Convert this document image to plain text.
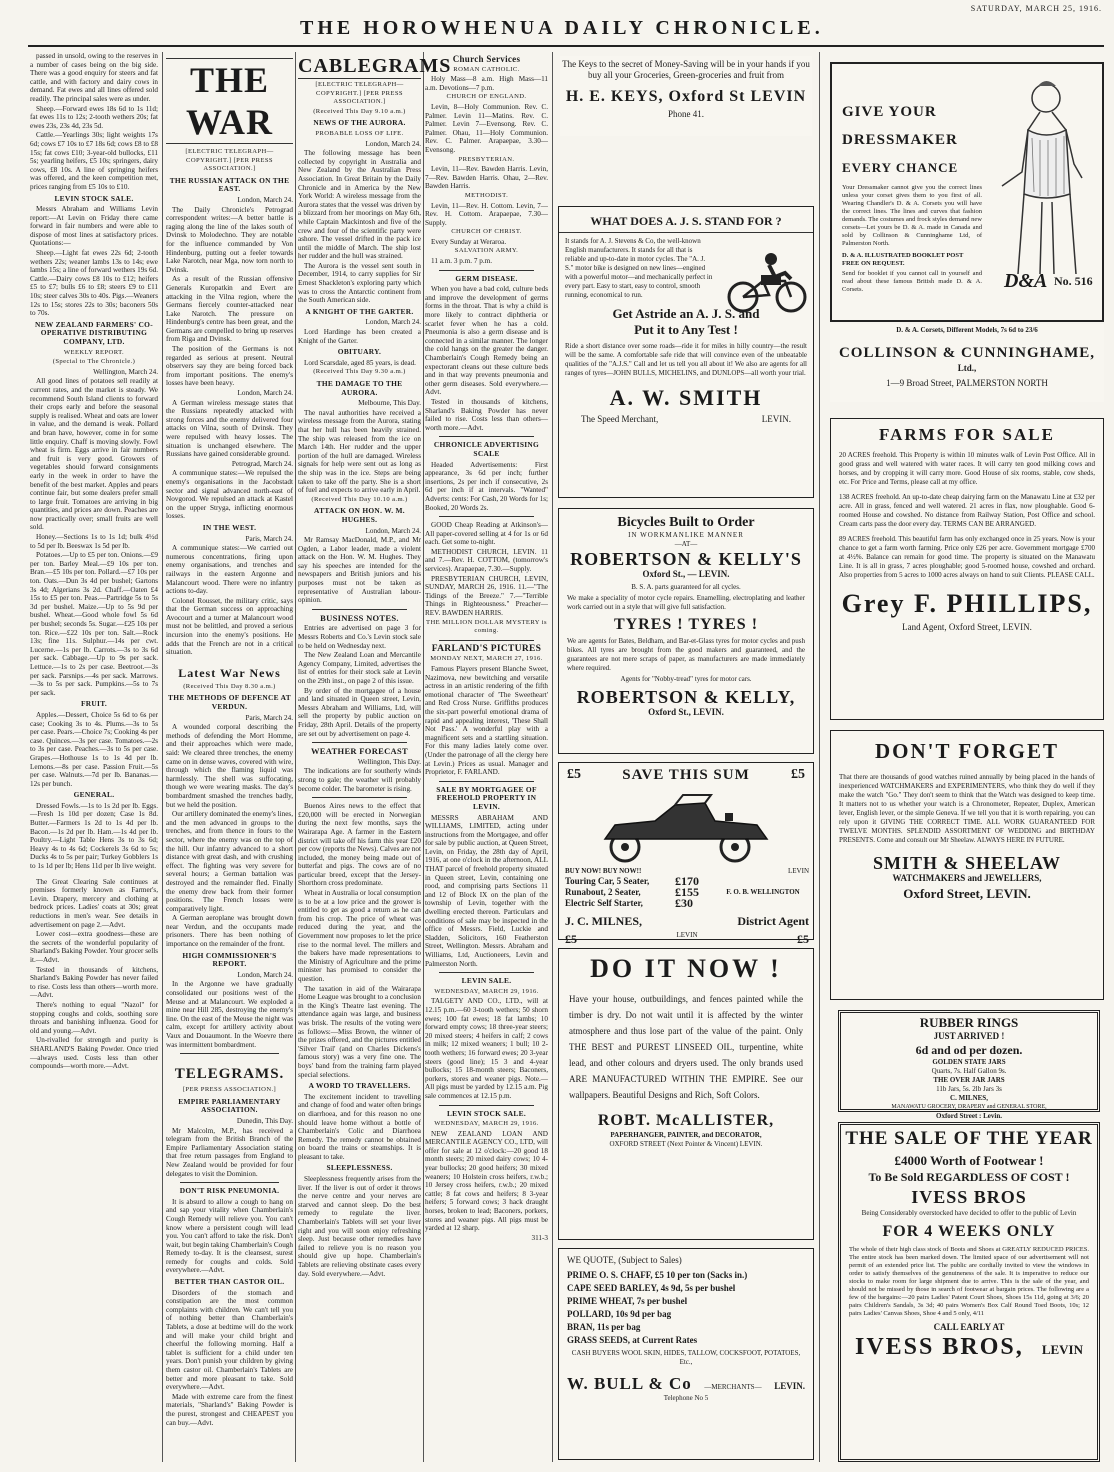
THE HOROWHENUA DAILY CHRONICLE.
SATURDAY, MARCH 25, 1916.

passed in unsold, owing to the reserves in a number of cases being on the big side. There was a good enquiry for steers and fat cattle, and with factory and dairy cows in demand. Fat ewes and all lines offered sold readily. The principal sales were as under.

Sheep.—Forward ewes 18s 6d to 1s 11d; fat ewes 11s to 12s; 2-tooth wethers 20s; fat ewes 23s, 23s 4d, 23s 5d.

Cattle.—Yearlings 30s; light weights 17s 6d; cows £7 10s to £7 18s 6d; cows £8 to £8 15s; fat cows £10; 3-year-old bullocks, £11 5s; yearling heifers, £5 10s; springers, dairy cows, £8 10s. A line of springing heifers was offered, and the keen competition met, prices ranging from £5 10s to £10.

LEVIN STOCK SALE.

Messrs Abraham and Williams Levin report:—At Levin on Friday there came forward in fair numbers and were able to dispose of most lines at satisfactory prices. Quotations:—

Sheep.—Light fat ewes 22s 6d; 2-tooth wethers 22s; weaner lambs 13s to 14s; ewe lambs 15s; a line of forward wethers 19s 6d. Cattle.—Dairy cows £8 10s to £12; heifers £5 to £7; bulls £6 to £8; steers £9 to £11 10s; steer calves 30s to 40s. Pigs.—Weaners 12s to 15s; stores 22s to 30s; baconers 50s to 70s.

NEW ZEALAND FARMERS' CO-OPERATIVE DISTRIBUTING COMPANY, LTD.

WEEKLY REPORT.

(Special to The Chronicle.)

Wellington, March 24.

All good lines of potatoes sell readily at current rates, and the market is steady. We recommend South Island clients to forward their crops early and before the seasonal supply is realised. Wheat and oats are lower in value, and the demand is weak. Pollard and bran have, however, come in for some little enquiry. Chaff is moving slowly. Fowl wheat is firm. Eggs arrive in fair numbers and fruit is very good. Growers of vegetables should forward consignments early in the week in order to have the benefit of the best market. Apples and pears continue fair, but some dealers prefer small to large fruit. Tomatoes are arriving in big quantities, and prices are down. Peaches are now practically over; small fruits are well sold.

Honey.—Sections 1s to 1s 1d; bulk 4½d to 5d per lb. Beeswax 1s 5d per lb.

Potatoes.—Up to £5 per ton. Onions.—£9 per ton. Barley Meal.—£9 10s per ton. Bran.—£5 10s per ton. Pollard.—£7 10s per ton. Oats.—Dun 3s 4d per bushel; Gartons 3s 4d; Algerians 3s 2d. Chaff.—Oaten £4 15s to £5 per ton. Peas.—Partridge 5s to 5s 3d per bushel. Maize.—Up to 5s 9d per bushel. Wheat.—Good whole fowl 5s 6d per bushel; seconds 5s. Sugar.—£25 10s per ton. Rice.—£22 10s per ton. Salt.—Rock 13s; fine 11s. Sulphur.—14s per cwt. Lucerne.—1s per lb. Carrots.—3s to 3s 6d per sack. Cabbage.—Up to 9s per sack. Lettuce.—1s to 2s per case. Beetroot.—3s per sack. Parsnips.—4s per sack. Marrows.—3s to 5s per sack. Pumpkins.—5s to 7s per sack.

FRUIT.

Apples.—Dessert, Choice 5s 6d to 6s per case; Cooking 3s to 4s. Plums.—3s to 5s per case. Pears.—Choice 7s; Cooking 4s per case. Quinces.—3s per case. Tomatoes.—2s to 3s per case. Peaches.—3s to 5s per case. Grapes.—Hothouse 1s to 1s 4d per lb. Lemons.—8s per case. Passion Fruit.—5s per case. Walnuts.—7d per lb. Bananas.—12s per bunch.

GENERAL.

Dressed Fowls.—1s to 1s 2d per lb. Eggs.—Fresh 1s 10d per dozen; Case 1s 8d. Butter.—Farmers 1s 2d to 1s 4d per lb. Bacon.—1s 2d per lb. Ham.—1s 4d per lb. Poultry.—Light Table Hens 3s to 3s 6d; Heavy 4s to 4s 6d; Cockerels 3s 6d to 5s; Ducks 4s to 5s per pair; Turkey Gobblers 1s to 1s 1d per lb; Hens 11d per lb live weight.

The Great Clearing Sale continues at premises formerly known as Farmer's, Levin. Drapery, mercery and clothing at bedrock prices. Ladies' coats at 30s; great reductions in men's wear. See details in advertisement on page 2.—Advt.

Lower cost—extra goodness—these are the secrets of the wonderful popularity of Sharland's Baking Powder. Your grocer sells it.—Advt.

Tested in thousands of kitchens, Sharland's Baking Powder has never failed to rise. Costs less than others—worth more.—Advt.

There's nothing to equal "Nazol" for stopping coughs and colds, soothing sore throats and banishing influenza. Good for old and young.—Advt.

Un-rivalled for strength and purity is SHARLAND'S Baking Powder. Once tried—always used. Costs less than other compounds—worth more.—Advt.

THE WAR

[ELECTRIC TELEGRAPH—COPYRIGHT.] [PER PRESS ASSOCIATION.]

THE RUSSIAN ATTACK ON THE EAST.

London, March 24.

The Daily Chronicle's Petrograd correspondent writes:—A better battle is raging along the line of the lakes south of Dvinsk to Molodechno. They are notable for the influence commanded by Von Hindenburg, putting out a feeler towards Lake Narotch, near Mga, now torn north to Dvinsk.

As a result of the Russian offensive Generals Kuropatkin and Evert are attacking in the Vilna region, where the Germans fiercely counter-attacked near Lake Narotch. The pressure on Hindenburg's centre has been great, and the Germans are compelled to bring up reserves from Riga and Dvinsk.

The position of the Germans is not regarded as serious at present. Neutral observers say they are being forced back from important positions. The enemy's losses have been heavy.

London, March 24.

A German wireless message states that the Russians repeatedly attacked with strong forces and the enemy delivered four attacks on Vilna, south of Dvinsk. They were repulsed with heavy losses. The situation is unchanged elsewhere. The Russians have gained considerable ground.

Petrograd, March 24.

A communique states:—We repulsed the enemy's organisations in the Jacobstadt sector and signal advanced north-east of Novgorod. We repulsed an attack at Kastel on the upper Stryga, inflicting enormous losses.

IN THE WEST.

Paris, March 24.

A communique states:—We carried out numerous concentrations, firing upon enemy organisations, and trenches and railways in the eastern Argonne and Malancourt wood. There were no infantry actions to-day.

Colonel Rousset, the military critic, says that the German success on approaching Avocourt and a turner at Malancourt wood must not be belittled, and proved a serious incursion into the enemy's positions. He adds that the French are not in a critical situation.

Latest War News

(Received This Day 8.30 a.m.)

THE METHODS OF DEFENCE AT VERDUN.

Paris, March 24.

A wounded corporal describing the methods of defending the Mort Homme, and their approaches which were made, said: We cleared three trenches, the enemy came on in dense waves, covered with wire, through which the flaming liquid was harmlessly. The shell was suffocating, though we were wearing masks. The day's bombardment smashed the trenches badly, but we held the position.

Our artillery dominated the enemy's lines, and the men advanced in groups to the trenches, and from thence in fours to the sector, where the enemy was on the top of the hill. Our infantry advanced to a short distance with great dash, and with crushing effect. The fighting was very severe for several hours; a German battalion was destroyed and the remainder fled. Finally the enemy drew back from their former positions. The French losses were comparatively light.

A German aeroplane was brought down near Verdun, and the occupants made prisoners. There has been nothing of importance on the remainder of the front.

HIGH COMMISSIONER'S REPORT.

London, March 24.

In the Argonne we have gradually consolidated our positions west of the Meuse and at Malancourt. We exploded a mine near Hill 285, destroying the enemy's line. On the east of the Meuse the night was calm, except for artillery activity about Vaux and Douaumont. In the Woevre there was intermittent bombardment.

TELEGRAMS.

[PER PRESS ASSOCIATION.]

EMPIRE PARLIAMENTARY ASSOCIATION.

Dunedin, This Day.

Mr Malcolm, M.P., has received a telegram from the British Branch of the Empire Parliamentary Association stating that free return passages from England to New Zealand would be provided for four delegates to visit the Dominion.

DON'T RISK PNEUMONIA.

It is absurd to allow a cough to hang on and sap your vitality when Chamberlain's Cough Remedy will relieve you. You can't know where a persistent cough will lead you. You can't afford to take the risk. Don't wait, but begin taking Chamberlain's Cough Remedy to-day. It is the cleansest, surest remedy for coughs and colds. Sold everywhere.—Advt.

BETTER THAN CASTOR OIL.

Disorders of the stomach and constipation are the most common complaints with children. We can't tell you of nothing better than Chamberlain's Tablets, a dose at bedtime will do the work and will make your child bright and cheerful the following morning. Half a tablet is sufficient for a child under ten years. Don't punish your children by giving them castor oil. Chamberlain's Tablets are better and more pleasant to take. Sold everywhere.—Advt.

Made with extreme care from the finest materials, "Sharland's" Baking Powder is the purest, strongest and CHEAPEST you can buy.—Advt.

CABLEGRAMS

[ELECTRIC TELEGRAPH—COPYRIGHT.] [PER PRESS ASSOCIATION.]

(Received This Day 9.10 a.m.)

NEWS OF THE AURORA.

PROBABLE LOSS OF LIFE.

London, March 24.

The following message has been collected by copyright in Australia and New Zealand by the Australian Press Association. In Great Britain by the Daily Chronicle and in America by the New York World: A wireless message from the Aurora states that the vessel was driven by a blizzard from her moorings on May 6th, while Captain Mackintosh and five of the crew and four of the scientific party were ashore. The vessel drifted in the pack ice until the middle of March. The ship lost her rudder and the hull was strained.

The Aurora is the vessel sent south in December, 1914, to carry supplies for Sir Ernest Shackleton's exploring party which was to cross the Antarctic continent from the South American side.

A KNIGHT OF THE GARTER.

London, March 24.

Lord Hardinge has been created a Knight of the Garter.

OBITUARY.

Lord Scarsdale, aged 85 years, is dead.

(Received This Day 9.30 a.m.)

THE DAMAGE TO THE AURORA.

Melbourne, This Day.

The naval authorities have received a wireless message from the Aurora, stating that her hull has been heavily strained. The ship was released from the ice on March 14th. Her rudder and the upper portion of the hull are damaged. Wireless signals for help were sent out as long as the ship was in the ice. Steps are being taken to take off the party. She is a short of fuel and expects to arrive early in April.

(Received This Day 10.10 a.m.)

ATTACK ON HON. W. M. HUGHES.

London, March 24.

Mr Ramsay MacDonald, M.P., and Mr Ogden, a Labor leader, made a violent attack on the Hon. W. M. Hughes. They say his speeches are intended for the newspapers and British juniors and his purposes must not be taken as representative of Australian labour-opinion.

BUSINESS NOTES.

Entries are advertised on page 3 for Messrs Roberts and Co.'s Levin stock sale to be held on Wednesday next.

The New Zealand Loan and Mercantile Agency Company, Limited, advertises the list of entries for their stock sale at Levin on the 29th inst., on page 2 of this issue.

By order of the mortgagee of a house and land situated in Queen street, Levin, Messrs Abraham and Williams, Ltd, will sell the property by public auction on Friday, 28th April. Details of the property are set out by advertisement on page 4.

WEATHER FORECAST

Wellington, This Day.

The indications are for southerly winds strong to gale; the weather will probably become colder. The barometer is rising.

Buenos Aires news to the effect that £20,000 will be erected in Norwegian during the next few months, says the Wairarapa Age. A farmer in the Eastern district will take off his farm this year £20 per cow (reports the News). Calves are not included, the money being made out of butterfat and pigs. The cows are of no particular breed, except that the Jersey-Shorthorn cross predominate.

Wheat in Australia or local consumption is to be at a low price and the grower is entitled to get as good a return as he can from his crop. The price of wheat was reduced during the year, and the Government now proposes to let the price rise to the normal level. The millers and the bakers have made representations to the Ministry of Agriculture and the prime minister has promised to consider the question.

The taxation in aid of the Wairarapa Home League was brought to a conclusion in the King's Theatre last evening. The attendance again was large, and business was brisk. The results of the voting were as follows:—Miss Brown, the winner of the prizes offered, and the pictures entitled 'Silver Trail' (and on Charles Dickens's famous story) was a very fine one. The boys' band from the training farm played special selections.

A WORD TO TRAVELLERS.

The excitement incident to travelling and change of food and water often brings on diarrhoea, and for this reason no one should leave home without a bottle of Chamberlain's Colic and Diarrhoea Remedy. The remedy cannot be obtained on board the trains or steamships. It is pleasant to take.

SLEEPLESSNESS.

Sleeplessness frequently arises from the liver. If the liver is out of order it throws the nerve centre and your nerves are starved and cannot sleep. Do the best remedy to regulate the liver. Chamberlain's Tablets will set your liver right and you will soon enjoy refreshing sleep. Just because other remedies have failed to relieve you is no reason you should give up hope. Chamberlain's Tablets are relieving obstinate cases every day. Sold everywhere.—Advt.

Church Services

ROMAN CATHOLIC.

Holy Mass—8 a.m. High Mass—11 a.m. Devotions—7 p.m.

CHURCH OF ENGLAND.

Levin, 8—Holy Communion. Rev. C. Palmer. Levin 11—Matins. Rev. C. Palmer. Levin 7—Evensong. Rev. C. Palmer. Ohau, 11—Holy Communion. Rev. C. Palmer. Arapaepae, 3.30—Evensong.

PRESBYTERIAN.

Levin, 11—Rev. Bawden Harris. Levin, 7—Rev. Bawden Harris. Ohau, 2—Rev. Bawden Harris.

METHODIST.

Levin, 11—Rev. H. Cottom. Levin, 7—Rev. H. Cottom. Arapaepae, 7.30—Supply.

CHURCH OF CHRIST.

Every Sunday at Weraroa.

SALVATION ARMY.

11 a.m. 3 p.m. 7 p.m.

GERM DISEASE.

When you have a bad cold, culture beds and improve the development of germs forms in the throat. That is why a child is more likely to contract diphtheria or scarlet fever when he has a cold. Pneumonia is also a germ disease and is connected in a similar manner. The longer the cold hangs on the greater the danger. Chamberlain's Cough Remedy being an expectorant cleans out these culture beds and in that way prevents pneumonia and other germ diseases. Sold everywhere.—Advt.

Tested in thousands of kitchens, Sharland's Baking Powder has never failed to rise. Costs less than others—worth more.—Advt.

CHRONICLE ADVERTISING SCALE

Headed Advertisements: First appearance, 3s 6d per inch; further insertions, 2s per inch if consecutive, 2s 6d per inch if at intervals. "Wanted" Adverts: cents: For Cash, 20 Words for 1s; Booked, 20 Words 2s.

GOOD Cheap Reading at Atkinson's—All paper-covered selling at 4 for 1s or 6d each. Get some to-night.

METHODIST CHURCH, LEVIN. 11 and 7.—Rev. H. COTTOM, (tomorrow's services). Arapaepae, 7.30.—Supply.

PRESBYTERIAN CHURCH, LEVIN, SUNDAY, MARCH 26, 1916. 11.—"The Tidings of the Breeze." 7.—"Terrible Things in Righteousness." Preacher—REV. BAWDEN HARRIS.

THE MILLION DOLLAR MYSTERY is coming.

FARLAND'S PICTURES

MONDAY NEXT, MARCH 27, 1916.

Famous Players present Blanche Sweet, Nazimova, new bewitching and versatile actress in an artistic rendering of the fifth emotional character of 'The Sweetheart' and Red Cross Nurse. Griffiths produces the six-part powerful emotional drama of rapid and appealing interest, 'These Shall Not Pass.' A wonderful play with a magnificent sets and a startling situation. For this many ladies lately come over. (Under the patronage of all the clergy here at Levin.) Prices as usual. Manager and Proprietor, F. FARLAND.

SALE BY MORTGAGEE OF FREEHOLD PROPERTY IN LEVIN.

MESSRS ABRAHAM AND WILLIAMS, LIMITED, acting under instructions from the Mortgagee, and offer for sale by public auction, at Queen Street, Levin, on Friday, the 28th day of April, 1916, at one o'clock in the afternoon, ALL THAT parcel of freehold property situated in Queen street, Levin, containing one rood, and comprising parts Sections 11 and 12 of Block IX on the plan of the township of Levin, together with the dwelling erected thereon. Particulars and conditions of sale may be inspected in the office of Messrs. Field, Luckie and Sladden, Solicitors, 160 Featherston Street, Wellington. Messrs. Abraham and Williams, Ltd, Auctioneers, Levin and Palmerston North.

LEVIN SALE.

WEDNESDAY, MARCH 29, 1916.

TALGETY AND CO., LTD., will at 12.15 p.m.—60 3-tooth wethers; 50 shorn ewes; 100 fat ewes; 18 fat lambs; 10 forward empty cows; 18 three-year steers; 20 mixed steers; 4 heifers in calf; 2 cows in milk; 12 mixed weaners; 1 bull; 10 2-tooth wethers; 16 forward ewes; 20 3-year steers (good line); 15 3 and 4-year bullocks; 15 18-month steers; Baconers, porkers, stores and weaner pigs. Note.—All pigs must be yarded by 12.15 a.m. Pig sale commences at 12.15 p.m.

LEVIN STOCK SALE.

WEDNESDAY, MARCH 29, 1916.

NEW ZEALAND LOAN AND MERCANTILE AGENCY CO., LTD, will offer for sale at 12 o'clock:—20 good 18 month steers; 20 mixed dairy cows; 10 4-year bullocks; 20 good heifers; 30 mixed weaners; 10 Holstein cross heifers, r.w.b.; 10 Jersey cross heifers, r.w.b.; 20 mixed cattle; 8 fat cows and heifers; 8 3-year heifers; 5 forward cows; 3 hack draught horses, broken to lead; Baconers, porkers, stores and weaner pigs. All pigs must be yarded at 12 sharp.

311-3

The Keys to the secret of Money-Saving will be in your hands if you buy all your Groceries, Green-groceries and fruit from
H. E. KEYS, Oxford St LEVIN
Phone 41.
WHAT DOES A. J. S. STAND FOR ?
It stands for A. J. Stevens & Co, the well-known English manufacturers. It stands for all that is reliable and up-to-date in motor cycles. The "A. J. S." motor bike is designed on new lines—engined with a powerful motor—and mechanically perfect in every part. Easy to start, easy to control, smooth running, economical to run.
Get Astride an A. J. S. and
Put it to Any Test !
Ride a short distance over some roads—ride it for miles in hilly country—the result will be the same. A comfortable safe ride that will convince even of the unbeatable qualities of the "A.J.S." Call and let us tell you all about it! We also are agents for all ranges of tyres—JOHN BULLS, MICHELINS, and DUNLOPS—all worth your trial.
A. W. SMITH
The Speed Merchant,	LEVIN.
Bicycles Built to Order
IN WORKMANLIKE MANNER
—AT—
ROBERTSON & KELLY'S
Oxford St., — LEVIN.
B. S. A. parts guaranteed for all cycles.
We make a speciality of motor cycle repairs. Enamelling, electroplating and leather work carried out in a style that will give full satisfaction.
TYRES ! TYRES !
We are agents for Bates, Beldham, and Bar-et-Glass tyres for motor cycles and push bikes. All tyres are brought from the good makers and guaranteed, and the guarantees are not mere scraps of paper, as manufacturers are made immediately where required.
Agents for "Nobby-tread" tyres for motor cars.
ROBERTSON & KELLY,
Oxford St., LEVIN.
£5	SAVE THIS SUM	£5
BUY NOW! BUY NOW!!	LEVIN
Touring Car, 5 Seater,
Runabout, 2 Seater,
Electric Self Starter,
£170
£155
£30
F. O. B. WELLINGTON
J. C. MILNES,	District Agent
£5	LEVIN	£5
DO IT NOW !
Have your house, outbuildings, and fences painted while the timber is dry. Do not wait until it is affected by the winter atmosphere and thus lose part of the value of the paint. Only THE BEST and PUREST LINSEED OIL, turpentine, white lead, and other colours and dryers used. The only brands used ARE MANUFACTURED WITHIN THE EMPIRE. See our wallpapers. Beautiful Designs and Rich, Soft Colors.
ROBT. McALLISTER,
PAPERHANGER, PAINTER, and DECORATOR,
OXFORD STREET (Next Pointer & Vincent) LEVIN.
WE QUOTE, (Subject to Sales)
PRIME O. S. CHAFF, £5 10 per ton (Sacks in.)
CAPE SEED BARLEY, 4s 9d, 5s per bushel
PRIME WHEAT, 7s per bushel
POLLARD, 10s 9d per bag
BRAN, 11s per bag
GRASS SEEDS, at Current Rates
CASH BUYERS WOOL SKIN, HIDES, TALLOW, COCKSFOOT, POTATOES, Etc.,
W. BULL & Co —MERCHANTS— LEVIN.
Telephone No 5
GIVE YOUR
DRESSMAKER
EVERY CHANCE
Your Dressmaker cannot give you the correct lines unless your corset gives them to you first of all. Wearing Chandler's D. & A. Corsets you will have the correct lines. The lines and curves that fashion demands. The costumes and frock styles demand new corsets—Let yours be D. & A. made in Canada and sold by Collinson & Cunninghame Ltd, of Palmerston North.
D. & A. ILLUSTRATED BOOKLET POST FREE ON REQUEST.
Send for booklet if you cannot call in yourself and read about these famous British made D. & A. Corsets.	D&A No. 516
D. & A. Corsets, Different Models, 7s 6d to 23/6
COLLINSON & CUNNINGHAME,
Ltd.,
1—9 Broad Street, PALMERSTON NORTH
FARMS FOR SALE
20 ACRES freehold. This Property is within 10 minutes walk of Levin Post Office. All in good grass and well watered with water races. It will carry ten good milking cows and horses, and by cropping it will carry more. Good House of six rooms, stable, cow sheds, etc. For Price and Terms, please call at my office.
138 ACRES freehold. An up-to-date cheap dairying farm on the Manawatu Line at £32 per acre. All in grass, fenced and well watered. 21 acres in flax, now ploughable. Good 6-roomed House and cowshed. No distance from Railway Station, Post Office and school. Cream carts pass the door every day. TERMS CAN BE ARRANGED.
89 ACRES freehold. This beautiful farm has only exchanged once in 25 years. Now is your chance to get a farm worth farming. Price only £26 per acre. Government mortgage £700 at 4½%. Balance can remain for good time. The property is situated on the Manawatu Line. It is all in grass, 7 acres ploughable; good 5-roomed house, cowshed and orchard. Also properties from 5 acres to 1000 acres always on hand to suit Clients. PLEASE CALL.
Grey F. PHILLIPS,
Land Agent, Oxford Street, LEVIN.
DON'T FORGET
That there are thousands of good watches ruined annually by being placed in the hands of inexperienced WATCHMAKERS and EXPERIMENTERS, who think they do well if they make the watch "Go." They don't seem to think that the Watch was designed to keep time. It matters not to us whether your watch is a Chronometer, Repeater, Duplex, American lever, English lever, or the simple Geneva. If we tell you that it is worth repairing, you can rely upon it GIVING THE CORRECT TIME. ALL WORK GUARANTEED FOR TWELVE MONTHS. SPLENDID ASSORTMENT OF WEDDING and BIRTHDAY PRESENTS. Come and consult our Mr Sheelaw. ALWAYS HERE IN FUTURE.
SMITH & SHEELAW
WATCHMAKERS and JEWELLERS,
Oxford Street, LEVIN.
RUBBER RINGS
JUST ARRIVED !
6d and od per dozen.
GOLDEN STATE JARS
Quarts, 7s. Half Gallon 9s.
THE OVER JAR JARS
11b Jars, 5s. 2lb Jars 3s
C. MILNES,
MANAWATU GROCERY, DRAPERY and GENERAL STORE,
Oxford Street : Levin.
THE SALE OF THE YEAR
£4000 Worth of Footwear !
To Be Sold REGARDLESS OF COST !
IVESS BROS
Being Considerably overstocked have decided to offer to the public of Levin
FOR 4 WEEKS ONLY
The whole of their high class stock of Boots and Shoes at GREATLY REDUCED PRICES. The entire stock has been marked down. The limited space of our advertisement will not permit of an extended price list. The public are cordially invited to view the windows in order to satisfy themselves of the genuineness of the sale. It is imperative to reduce our stocks to make room for large shipment due to arrive. This is the sale of the year, and should not be missed by those in search of footwear at bargain prices. The following are a few of the bargains:—20 pairs Ladies' Patent Court Shoes, Shoes 15s 11d, going at 3/6; 20 pairs Children's Sandals, 3s 3d; 40 pairs Women's Box Calf Round Toed Boots, 10s; 12 pairs Ladies' Canvas Shoes, Shoe 4 and 5 only, 4/11
CALL EARLY AT
IVESS BROS, LEVIN
